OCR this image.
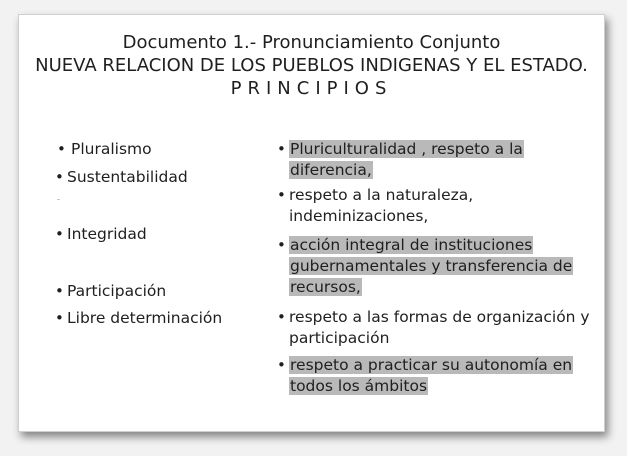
Documento 1.- Pronunciamiento Conjunto
NUEVA RELACION DE LOS PUEBLOS INDIGENAS Y EL ESTADO.
PRINCIPIOS
• Pluralismo
• Sustentabilidad
• Integridad
• Participación
• Libre determinación
• Pluriculturalidad , respeto a la diferencia,
• respeto a la naturaleza, indeminizaciones,
• acción integral de instituciones gubernamentales y transferencia de recursos,
• respeto a las formas de organización y participación
• respeto a practicar su autonomía en todos los ámbitos
